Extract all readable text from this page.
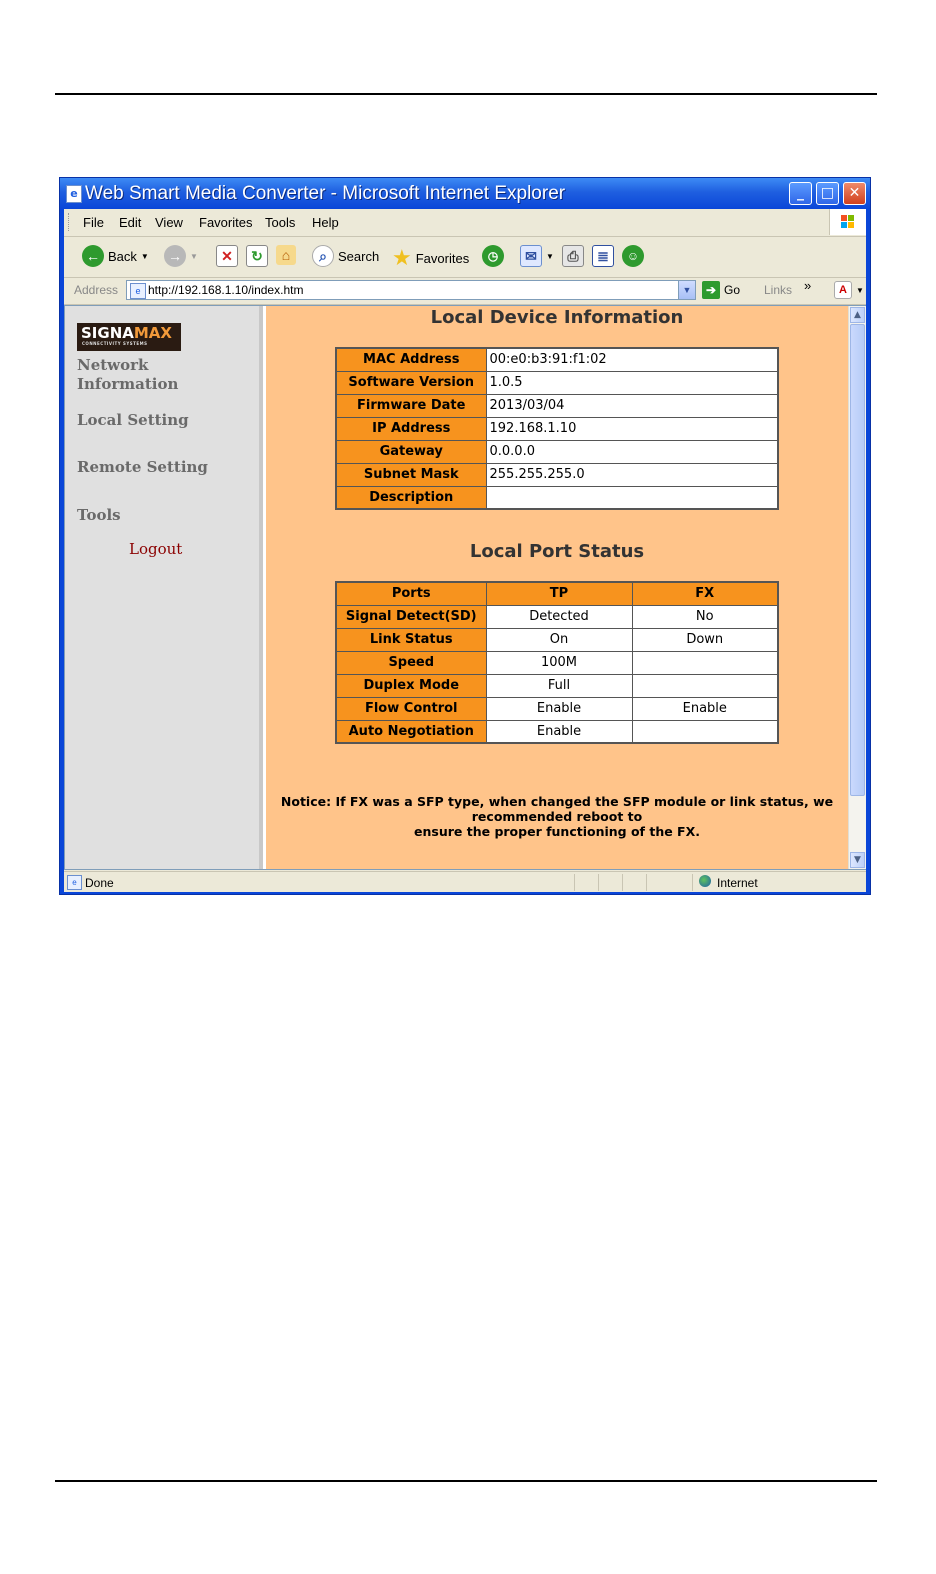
e Web Smart Media Converter - Microsoft Internet Explorer	_	□	✕
File Edit View Favorites Tools Help
← Back ▼ → ▼	✕	↻	⌂	⌕ Search ★ Favorites	◷	✉ ▼ ⎙	≣	☺
Address	e http://192.168.1.10/index.htm	▼	➔ Go Links »	A ▼
SIGNAMAX
CONNECTIVITY SYSTEMS
Network Information
Local Setting
Remote Setting
Tools
Logout
Local Device Information
MAC Address	00:e0:b3:91:f1:02
Software Version	1.0.5
Firmware Date	2013/03/04
IP Address	192.168.1.10
Gateway	0.0.0.0
Subnet Mask	255.255.255.0
Description	
Local Port Status
Ports	TP	FX
Signal Detect(SD)	Detected	No
Link Status	On	Down
Speed	100M	
Duplex Mode	Full	
Flow Control	Enable	Enable
Auto Negotiation	Enable	
Notice: If FX was a SFP type, when changed the SFP module or link status, we recommended reboot to
ensure the proper functioning of the FX.
▲
▼
e Done	Internet
